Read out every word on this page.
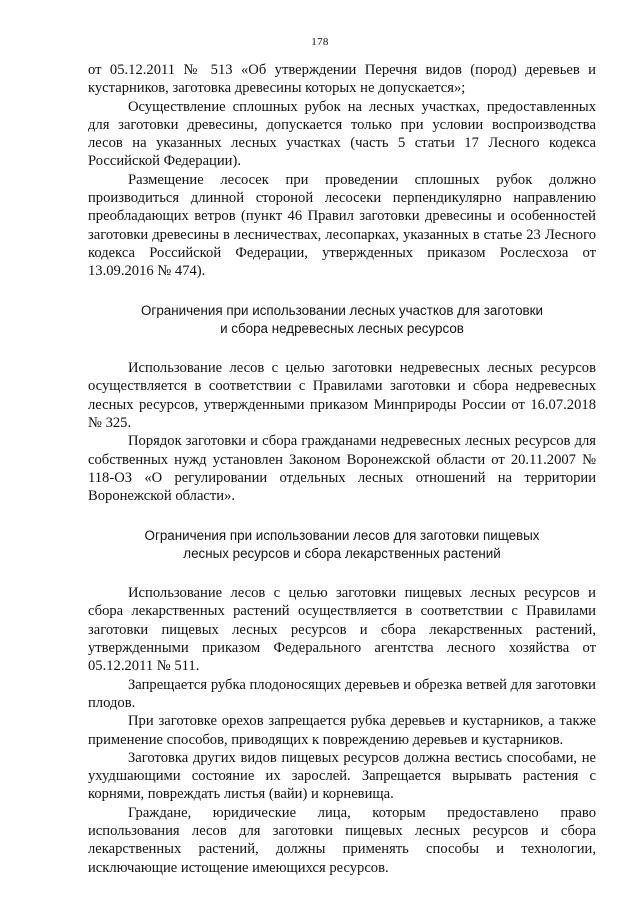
178

от 05.12.2011 № 513 «Об утверждении Перечня видов (пород) деревьев и кустарников, заготовка древесины которых не допускается»;

Осуществление сплошных рубок на лесных участках, предоставленных для заготовки древесины, допускается только при условии воспроизводства лесов на указанных лесных участках (часть 5 статьи 17 Лесного кодекса Российской Федерации).

Размещение лесосек при проведении сплошных рубок должно производиться длинной стороной лесосеки перпендикулярно направлению преобладающих ветров (пункт 46 Правил заготовки древесины и особенностей заготовки древесины в лесничествах, лесопарках, указанных в статье 23 Лесного кодекса Российской Федерации, утвержденных приказом Рослесхоза от 13.09.2016 № 474).

Ограничения при использовании лесных участков для заготовки
и сбора недревесных лесных ресурсов

Использование лесов с целью заготовки недревесных лесных ресурсов осуществляется в соответствии с Правилами заготовки и сбора недревесных лесных ресурсов, утвержденными приказом Минприроды России от 16.07.2018 № 325.

Порядок заготовки и сбора гражданами недревесных лесных ресурсов для собственных нужд установлен Законом Воронежской области от 20.11.2007 № 118-ОЗ «О регулировании отдельных лесных отношений на территории Воронежской области».

Ограничения при использовании лесов для заготовки пищевых
лесных ресурсов и сбора лекарственных растений

Использование лесов с целью заготовки пищевых лесных ресурсов и сбора лекарственных растений осуществляется в соответствии с Правилами заготовки пищевых лесных ресурсов и сбора лекарственных растений, утвержденными приказом Федерального агентства лесного хозяйства от 05.12.2011 № 511.

Запрещается рубка плодоносящих деревьев и обрезка ветвей для заготовки плодов.

При заготовке орехов запрещается рубка деревьев и кустарников, а также применение способов, приводящих к повреждению деревьев и кустарников.

Заготовка других видов пищевых ресурсов должна вестись способами, не ухудшающими состояние их зарослей. Запрещается вырывать растения с корнями, повреждать листья (вайи) и корневища.

Граждане, юридические лица, которым предоставлено право использования лесов для заготовки пищевых лесных ресурсов и сбора лекарственных растений, должны применять способы и технологии, исключающие истощение имеющихся ресурсов.
